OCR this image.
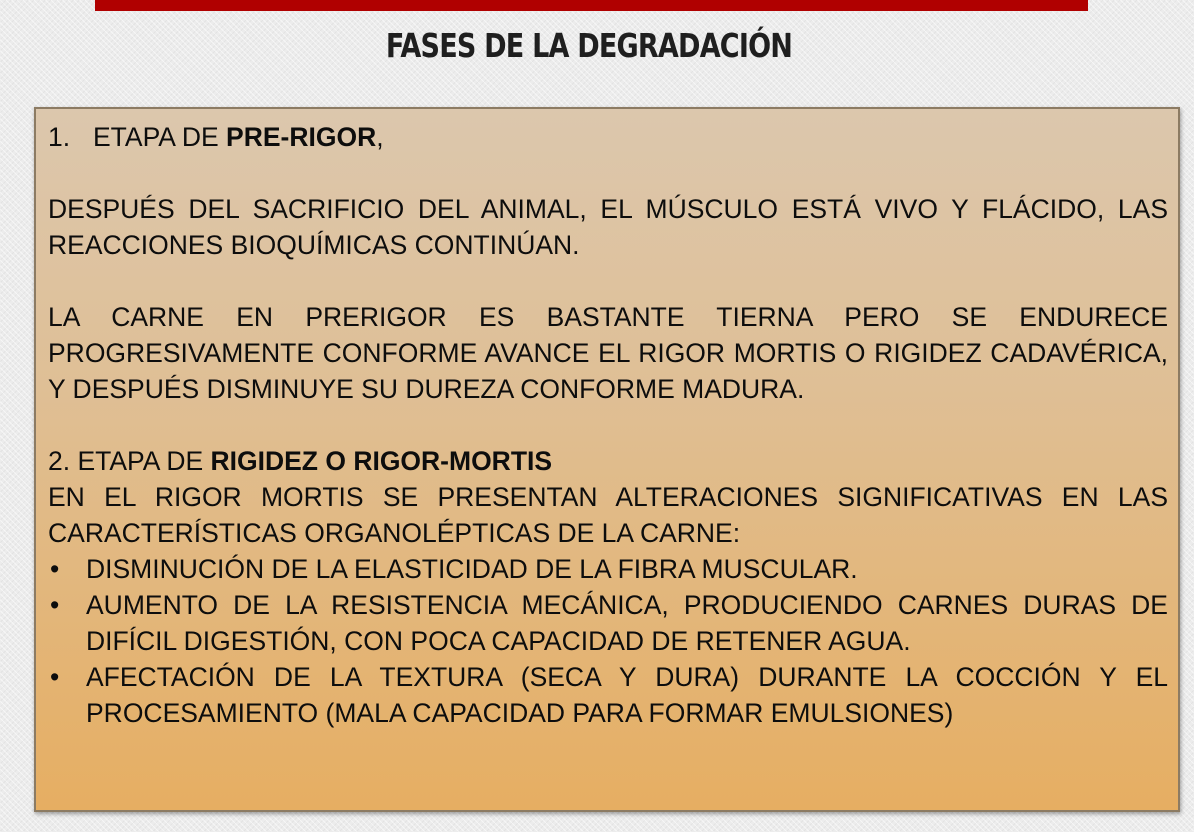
FASES DE LA DEGRADACIÓN
1. ETAPA DE PRE-RIGOR,

DESPUÉS DEL SACRIFICIO DEL ANIMAL, EL MÚSCULO ESTÁ VIVO Y FLÁCIDO, LAS REACCIONES BIOQUÍMICAS CONTINÚAN.

LA CARNE EN PRERIGOR ES BASTANTE TIERNA PERO SE ENDURECE PROGRESIVAMENTE CONFORME AVANCE EL RIGOR MORTIS O RIGIDEZ CADAVÉRICA, Y DESPUÉS DISMINUYE SU DUREZA CONFORME MADURA.

2. ETAPA DE RIGIDEZ O RIGOR-MORTIS

EN EL RIGOR MORTIS SE PRESENTAN ALTERACIONES SIGNIFICATIVAS EN LAS CARACTERÍSTICAS ORGANOLÉPTICAS DE LA CARNE:

•	DISMINUCIÓN DE LA ELASTICIDAD DE LA FIBRA MUSCULAR.
•	AUMENTO DE LA RESISTENCIA MECÁNICA, PRODUCIENDO CARNES DURAS DE DIFÍCIL DIGESTIÓN, CON POCA CAPACIDAD DE RETENER AGUA.
•	AFECTACIÓN DE LA TEXTURA (SECA Y DURA) DURANTE LA COCCIÓN Y EL PROCESAMIENTO (MALA CAPACIDAD PARA FORMAR EMULSIONES)
